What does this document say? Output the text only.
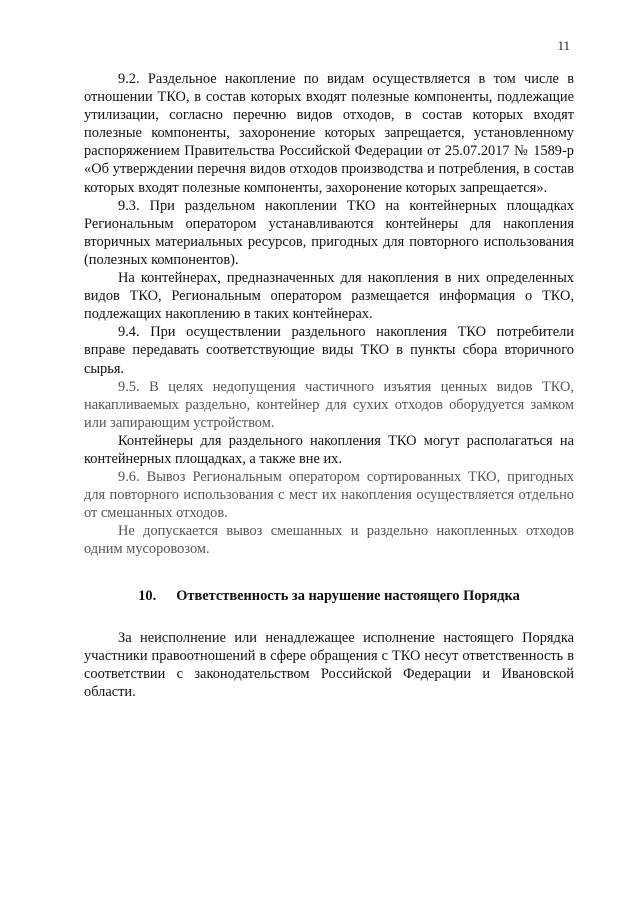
11

9.2. Раздельное накопление по видам осуществляется в том числе в отношении ТКО, в состав которых входят полезные компоненты, подлежащие утилизации, согласно перечню видов отходов, в состав которых входят полезные компоненты, захоронение которых запрещается, установленному распоряжением Правительства Российской Федерации от 25.07.2017 № 1589-р «Об утверждении перечня видов отходов производства и потребления, в состав которых входят полезные компоненты, захоронение которых запрещается».

9.3. При раздельном накоплении ТКО на контейнерных площадках Региональным оператором устанавливаются контейнеры для накопления вторичных материальных ресурсов, пригодных для повторного использования (полезных компонентов).

На контейнерах, предназначенных для накопления в них определенных видов ТКО, Региональным оператором размещается информация о ТКО, подлежащих накоплению в таких контейнерах.

9.4. При осуществлении раздельного накопления ТКО потребители вправе передавать соответствующие виды ТКО в пункты сбора вторичного сырья.

9.5. В целях недопущения частичного изъятия ценных видов ТКО, накапливаемых раздельно, контейнер для сухих отходов оборудуется замком или запирающим устройством.

Контейнеры для раздельного накопления ТКО могут располагаться на контейнерных площадках, а также вне их.

9.6. Вывоз Региональным оператором сортированных ТКО, пригодных для повторного использования с мест их накопления осуществляется отдельно от смешанных отходов.

Не допускается вывоз смешанных и раздельно накопленных отходов одним мусоровозом.

10. Ответственность за нарушение настоящего Порядка

За неисполнение или ненадлежащее исполнение настоящего Порядка участники правоотношений в сфере обращения с ТКО несут ответственность в соответствии с законодательством Российской Федерации и Ивановской области.
